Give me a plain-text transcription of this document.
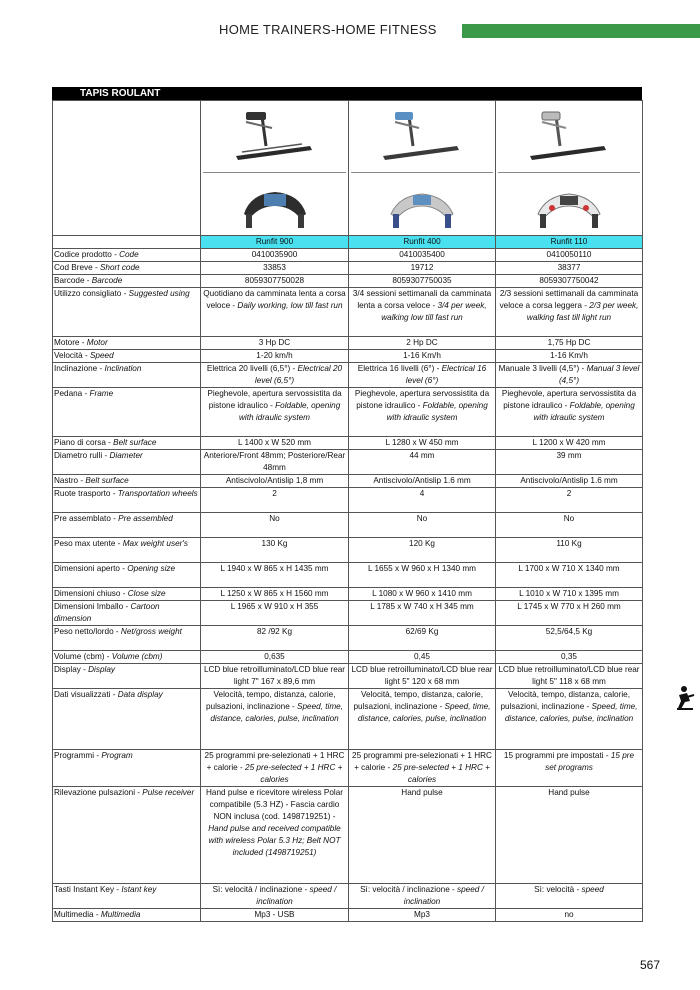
HOME TRAINERS-HOME FITNESS
TAPIS ROULANT

	Runfit 900	Runfit 400	Runfit 110
Codice prodotto - Code	0410035900	0410035400	0410050110
Cod Breve - Short code	33853	19712	38377
Barcode - Barcode	8059307750028	8059307750035	8059307750042
Utilizzo consigliato - Suggested using	Quotidiano da camminata lenta a corsa veloce - Daily working, low till fast run	3/4 sessioni settimanali da camminata lenta a corsa veloce - 3/4 per week, walking low till fast run	2/3 sessioni settimanali da camminata veloce a corsa leggera - 2/3 per week, walking fast till light run
Motore - Motor	3 Hp DC	2 Hp DC	1,75 Hp DC
Velocità - Speed	1-20 km/h	1-16 Km/h	1-16 Km/h
Inclinazione - Inclination	Elettrica 20 livelli (6,5°) - Electrical 20 level (6,5°)	Elettrica 16 livelli (6°) - Electrical 16 level (6°)	Manuale 3 livelli (4,5°) - Manual 3 level (4,5°)
Pedana - Frame	Pieghevole, apertura servossistita da pistone idraulico - Foldable, opening with idraulic system	Pieghevole, apertura servossistita da pistone idraulico - Foldable, opening with idraulic system	Pieghevole, apertura servossistita da pistone idraulico - Foldable, opening with idraulic system
Piano di corsa - Belt surface	L 1400 x W 520 mm	L 1280 x W 450 mm	L 1200 x W 420 mm
Diametro rulli - Diameter	Anteriore/Front 48mm; Posteriore/Rear 48mm	44 mm	39 mm
Nastro - Belt surface	Antiscivolo/Antislip 1,8 mm	Antiscivolo/Antislip 1.6 mm	Antiscivolo/Antislip 1.6 mm
Ruote trasporto - Transportation wheels	2	4	2
Pre assemblato - Pre assembled	No	No	No
Peso max utente - Max weight user's	130 Kg	120 Kg	110 Kg
Dimensioni aperto - Opening size	L 1940 x W 865 x H 1435 mm	L 1655 x W 960 x H 1340 mm	L 1700 x W 710 X 1340 mm
Dimensioni chiuso - Close size	L 1250 x W 865 x H 1560 mm	L 1080 x W 960 x 1410 mm	L 1010 x W 710 x 1395 mm
Dimensioni Imballo - Cartoon dimension	L 1965 x W 910 x H 355	L 1785 x W 740 x H 345 mm	L 1745 x W 770 x H 260 mm
Peso netto/lordo - Net/gross weight	82 /92 Kg	62/69 Kg	52,5/64,5 Kg
Volume (cbm) - Volume (cbm)	0,635	0,45	0,35
Display - Display	LCD blue retroilluminato/LCD blue rear light 7" 167 x 89,6 mm	LCD blue retroilluminato/LCD blue rear light 5" 120 x 68 mm	LCD blue retroilluminato/LCD blue rear light 5" 118 x 68 mm
Dati visualizzati - Data display	Velocità, tempo, distanza, calorie, pulsazioni, inclinazione - Speed, time, distance, calories, pulse, inclination	Velocità, tempo, distanza, calorie, pulsazioni, inclinazione - Speed, time, distance, calories, pulse, inclination	Velocità, tempo, distanza, calorie, pulsazioni, inclinazione - Speed, time, distance, calories, pulse, inclination
Programmi - Program	25 programmi pre-selezionati + 1 HRC + calorie - 25 pre-selected + 1 HRC + calories	25 programmi pre-selezionati + 1 HRC + calorie - 25 pre-selected + 1 HRC + calories	15 programmi pre impostati - 15 pre set programs
Rilevazione pulsazioni - Pulse receiver	Hand pulse e ricevitore wireless Polar compatibile (5.3 HZ) - Fascia cardio NON inclusa (cod. 1498719251) - Hand pulse and received compatible with wireless Polar 5.3 Hz; Belt NOT included (1498719251)	Hand pulse	Hand pulse
Tasti Instant Key - Istant key	Sì: velocità / inclinazione - speed / inclination	Sì: velocità / inclinazione - speed / inclination	Sì: velocità - speed
Multimedia - Multimedia	Mp3 - USB	Mp3	no
567
